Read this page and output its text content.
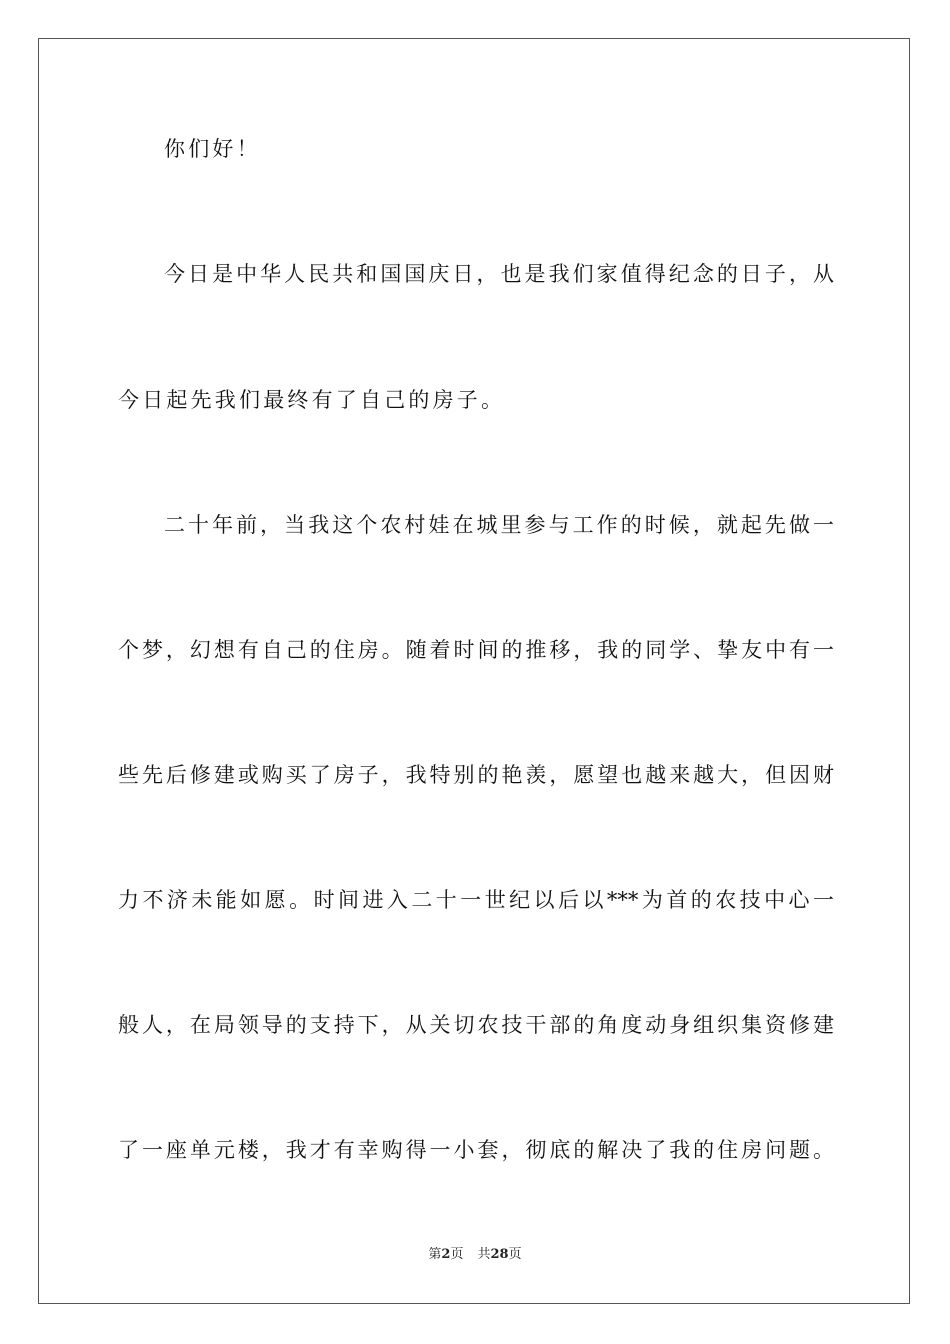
你们好！
今日是中华人民共和国国庆日，也是我们家值得纪念的日子，从
今日起先我们最终有了自己的房子。
二十年前，当我这个农村娃在城里参与工作的时候，就起先做一
个梦，幻想有自己的住房。随着时间的推移，我的同学、挚友中有一
些先后修建或购买了房子，我特别的艳羡，愿望也越来越大，但因财
力不济未能如愿。时间进入二十一世纪以后以***为首的农技中心一
般人，在局领导的支持下，从关切农技干部的角度动身组织集资修建
了一座单元楼，我才有幸购得一小套，彻底的解决了我的住房问题。
第2页 共28页
